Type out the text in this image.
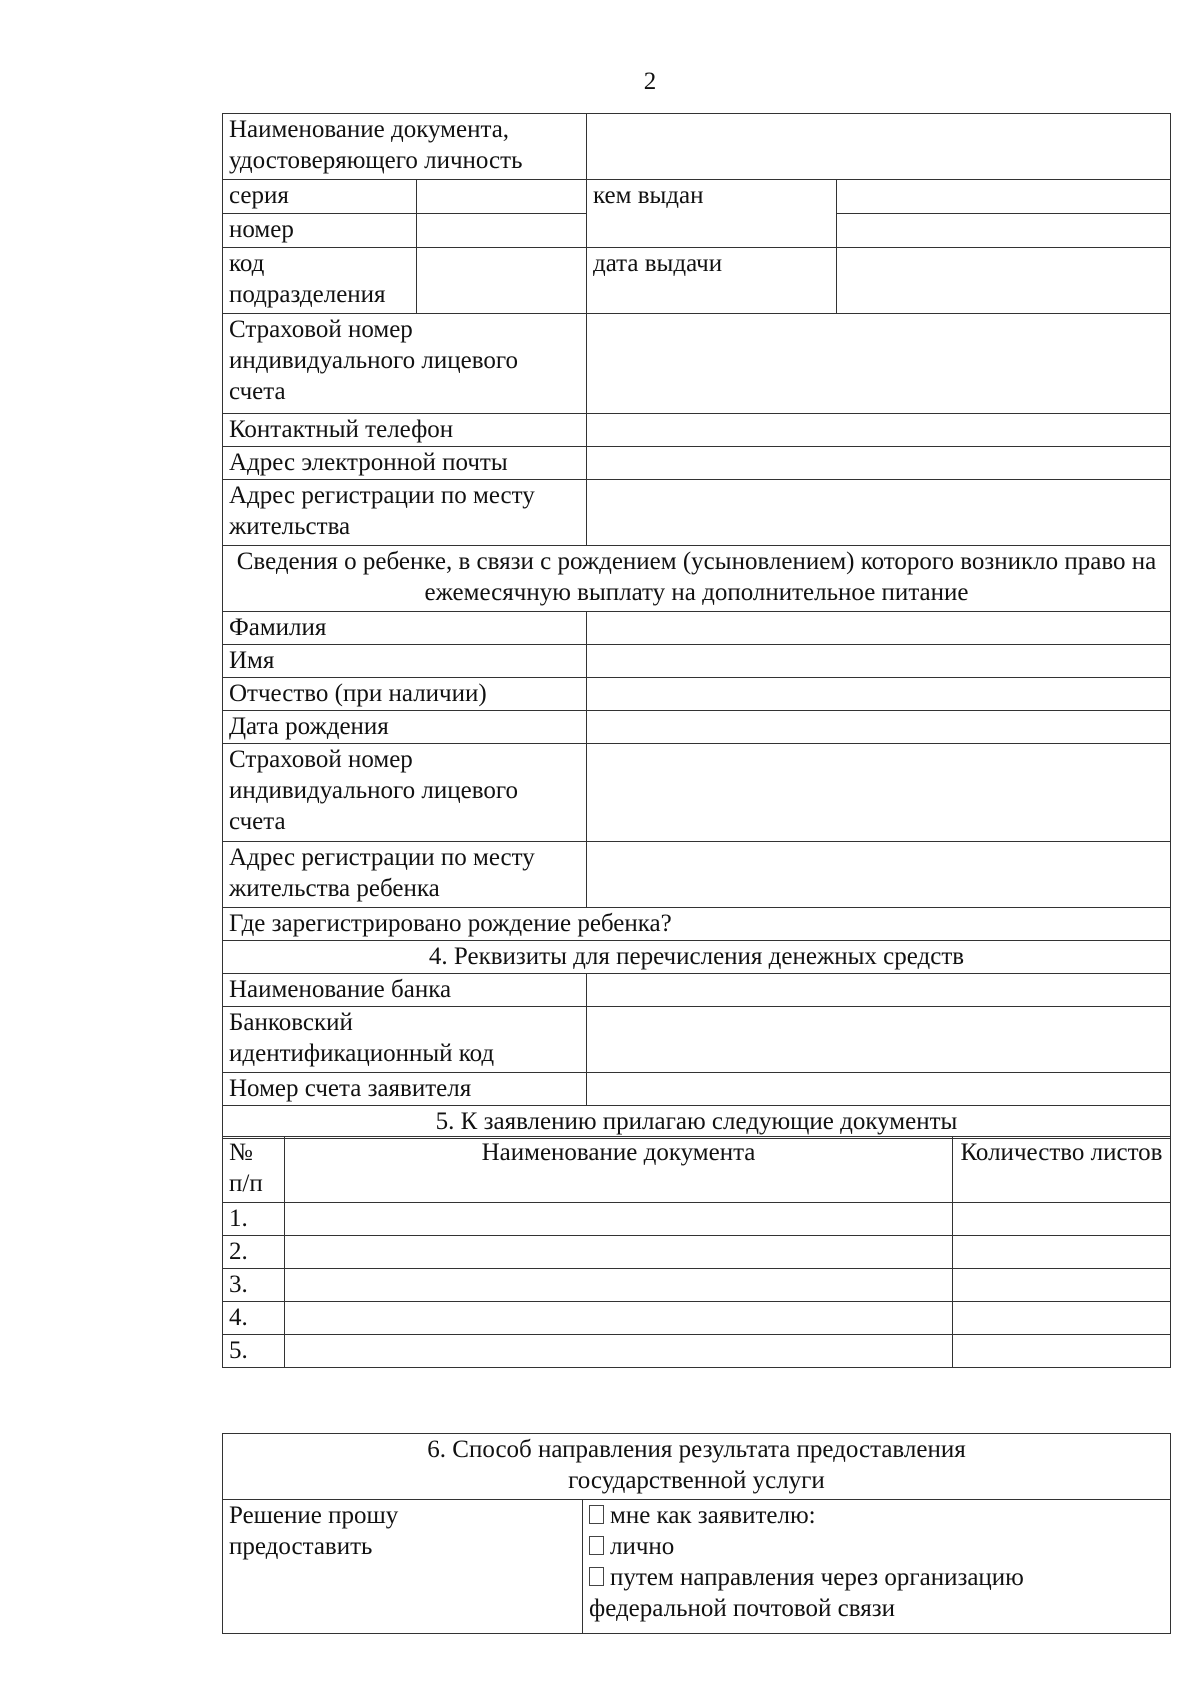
2
Наименование документа, удостоверяющего личность			
серия		кем выдан	
номер			
код подразделения		дата выдачи	
Страховой номер индивидуального лицевого счета			
Контактный телефон			
Адрес электронной почты			
Адрес регистрации по месту жительства			
Сведения о ребенке, в связи с рождением (усыновлением) которого возникло право на ежемесячную выплату на дополнительное питание			
Фамилия			
Имя			
Отчество (при наличии)			
Дата рождения			
Страховой номер индивидуального лицевого счета			
Адрес регистрации по месту жительства ребенка			
Где зарегистрировано рождение ребенка?			
4. Реквизиты для перечисления денежных средств			
Наименование банка			
Банковский идентификационный код			
Номер счета заявителя			
5. К заявлению прилагаю следующие документы			
№ п/п	Наименование документа	Количество листов
1.		
2.		
3.		
4.		
5.		
6. Способ направления результата предоставления государственной услуги
Решение прошу предоставить	
мне как заявителю:
лично
путем направления через организацию федеральной почтовой связи
